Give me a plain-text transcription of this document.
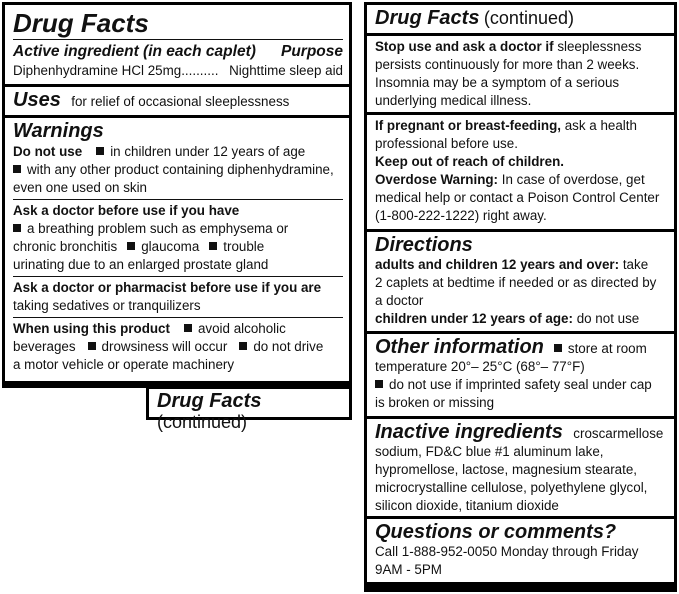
Drug Facts
Active ingredient (in each caplet) Purpose
Diphenhydramine HCl 25mg.......... Nighttime sleep aid
Uses for relief of occasional sleeplessness
Warnings
Do not use in children under 12 years of age
with any other product containing diphenhydramine,
even one used on skin
Ask a doctor before use if you have
a breathing problem such as emphysema or
chronic bronchitis glaucoma trouble
urinating due to an enlarged prostate gland
Ask a doctor or pharmacist before use if you are
taking sedatives or tranquilizers
When using this product avoid alcoholic
beverages drowsiness will occur do not drive
a motor vehicle or operate machinery
Drug Facts (continued)
Drug Facts (continued)
Stop use and ask a doctor if sleeplessness
persists continuously for more than 2 weeks.
Insomnia may be a symptom of a serious
underlying medical illness.
If pregnant or breast-feeding, ask a health
professional before use.
Keep out of reach of children.
Overdose Warning: In case of overdose, get
medical help or contact a Poison Control Center
(1-800-222-1222) right away.
Directions
adults and children 12 years and over: take
2 caplets at bedtime if needed or as directed by
a doctor
children under 12 years of age: do not use
Other information store at room
temperature 20°– 25°C (68°– 77°F)
do not use if imprinted safety seal under cap
is broken or missing
Inactive ingredients croscarmellose
sodium, FD&C blue #1 aluminum lake,
hypromellose, lactose, magnesium stearate,
microcrystalline cellulose, polyethylene glycol,
silicon dioxide, titanium dioxide
Questions or comments?
Call 1-888-952-0050 Monday through Friday
9AM - 5PM
